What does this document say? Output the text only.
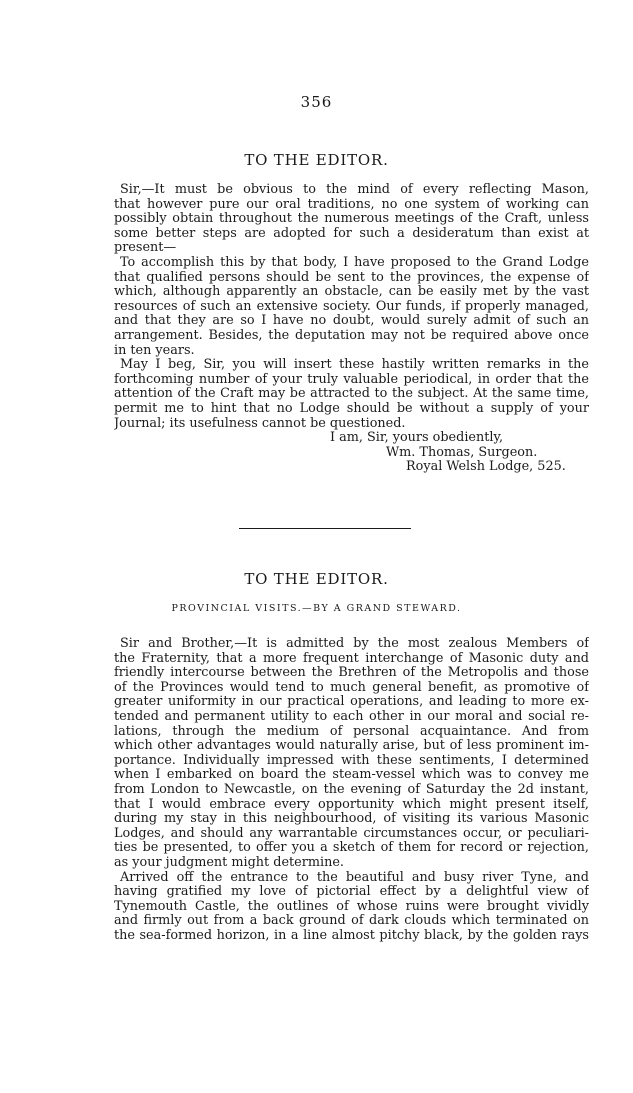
356
TO THE EDITOR.
Sir,—It must be obvious to the mind of every reflecting Mason,
that however pure our oral traditions, no one system of working can
possibly obtain throughout the numerous meetings of the Craft, unless
some better steps are adopted for such a desideratum than exist at
present—
To accomplish this by that body, I have proposed to the Grand Lodge
that qualified persons should be sent to the provinces, the expense of
which, although apparently an obstacle, can be easily met by the vast
resources of such an extensive society. Our funds, if properly managed,
and that they are so I have no doubt, would surely admit of such an
arrangement. Besides, the deputation may not be required above once
in ten years.
May I beg, Sir, you will insert these hastily written remarks in the
forthcoming number of your truly valuable periodical, in order that the
attention of the Craft may be attracted to the subject. At the same time,
permit me to hint that no Lodge should be without a supply of your
Journal; its usefulness cannot be questioned.
I am, Sir, yours obediently,
Wm. Thomas, Surgeon.
Royal Welsh Lodge, 525.
TO THE EDITOR.
PROVINCIAL VISITS.—BY A GRAND STEWARD.
Sir and Brother,—It is admitted by the most zealous Members of
the Fraternity, that a more frequent interchange of Masonic duty and
friendly intercourse between the Brethren of the Metropolis and those
of the Provinces would tend to much general benefit, as promotive of
greater uniformity in our practical operations, and leading to more ex-
tended and permanent utility to each other in our moral and social re-
lations, through the medium of personal acquaintance. And from
which other advantages would naturally arise, but of less prominent im-
portance. Individually impressed with these sentiments, I determined
when I embarked on board the steam-vessel which was to convey me
from London to Newcastle, on the evening of Saturday the 2d instant,
that I would embrace every opportunity which might present itself,
during my stay in this neighbourhood, of visiting its various Masonic
Lodges, and should any warrantable circumstances occur, or peculiari-
ties be presented, to offer you a sketch of them for record or rejection,
as your judgment might determine.
Arrived off the entrance to the beautiful and busy river Tyne, and
having gratified my love of pictorial effect by a delightful view of
Tynemouth Castle, the outlines of whose ruins were brought vividly
and firmly out from a back ground of dark clouds which terminated on
the sea-formed horizon, in a line almost pitchy black, by the golden rays
